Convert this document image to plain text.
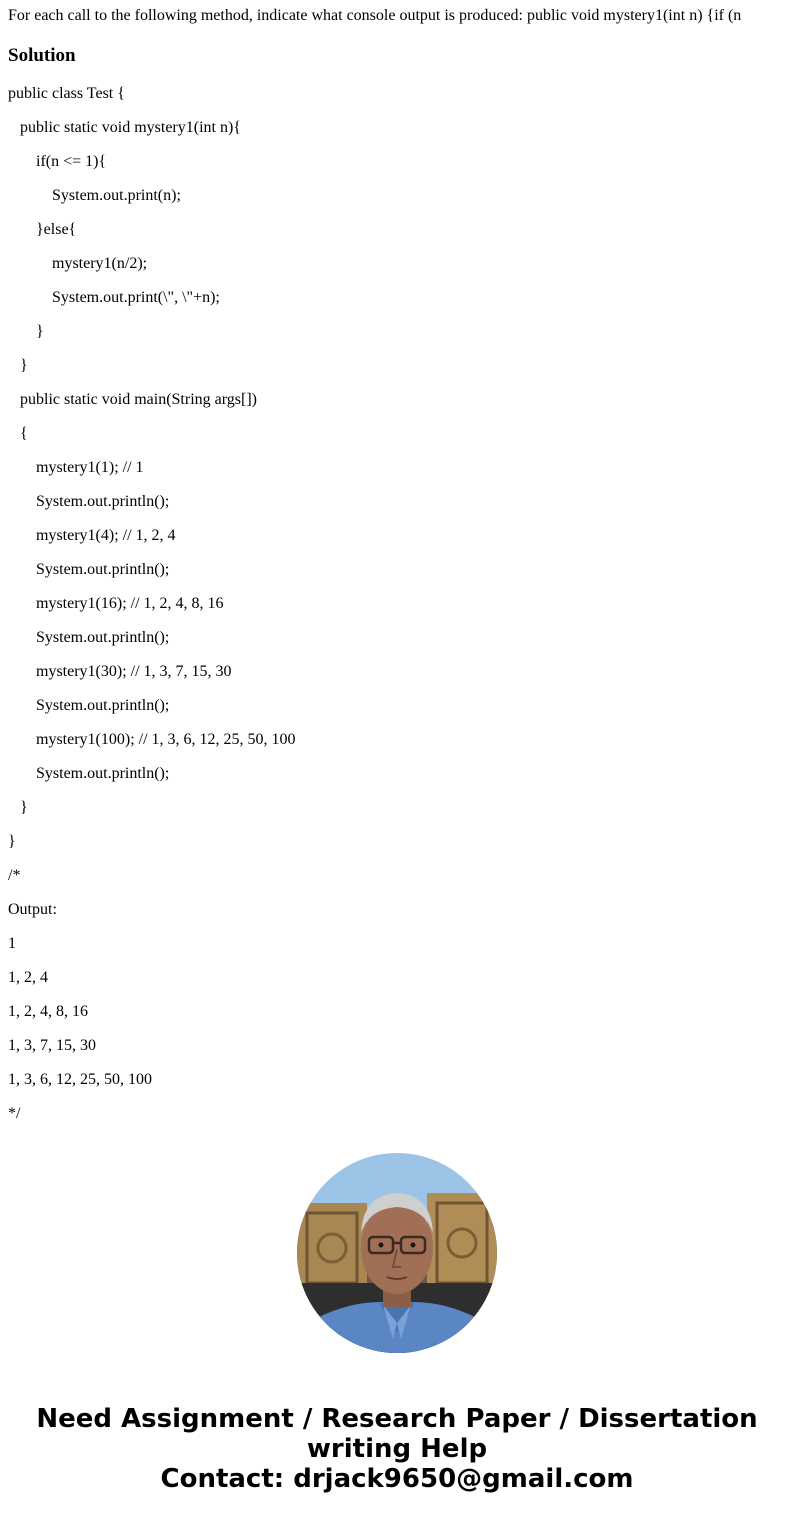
For each call to the following method, indicate what console output is produced: public void mystery1(int n) {if (n
Solution
public class Test {
public static void mystery1(int n){
if(n <= 1){
System.out.print(n);
}else{
mystery1(n/2);
System.out.print(\", \"+n);
}
}
public static void main(String args[])
{
mystery1(1); // 1
System.out.println();
mystery1(4); // 1, 2, 4
System.out.println();
mystery1(16); // 1, 2, 4, 8, 16
System.out.println();
mystery1(30); // 1, 3, 7, 15, 30
System.out.println();
mystery1(100); // 1, 3, 6, 12, 25, 50, 100
System.out.println();
}
}
/*
Output:
1
1, 2, 4
1, 2, 4, 8, 16
1, 3, 7, 15, 30
1, 3, 6, 12, 25, 50, 100
*/
Need Assignment / Research Paper / Dissertation
writing Help
Contact: drjack9650@gmail.com
